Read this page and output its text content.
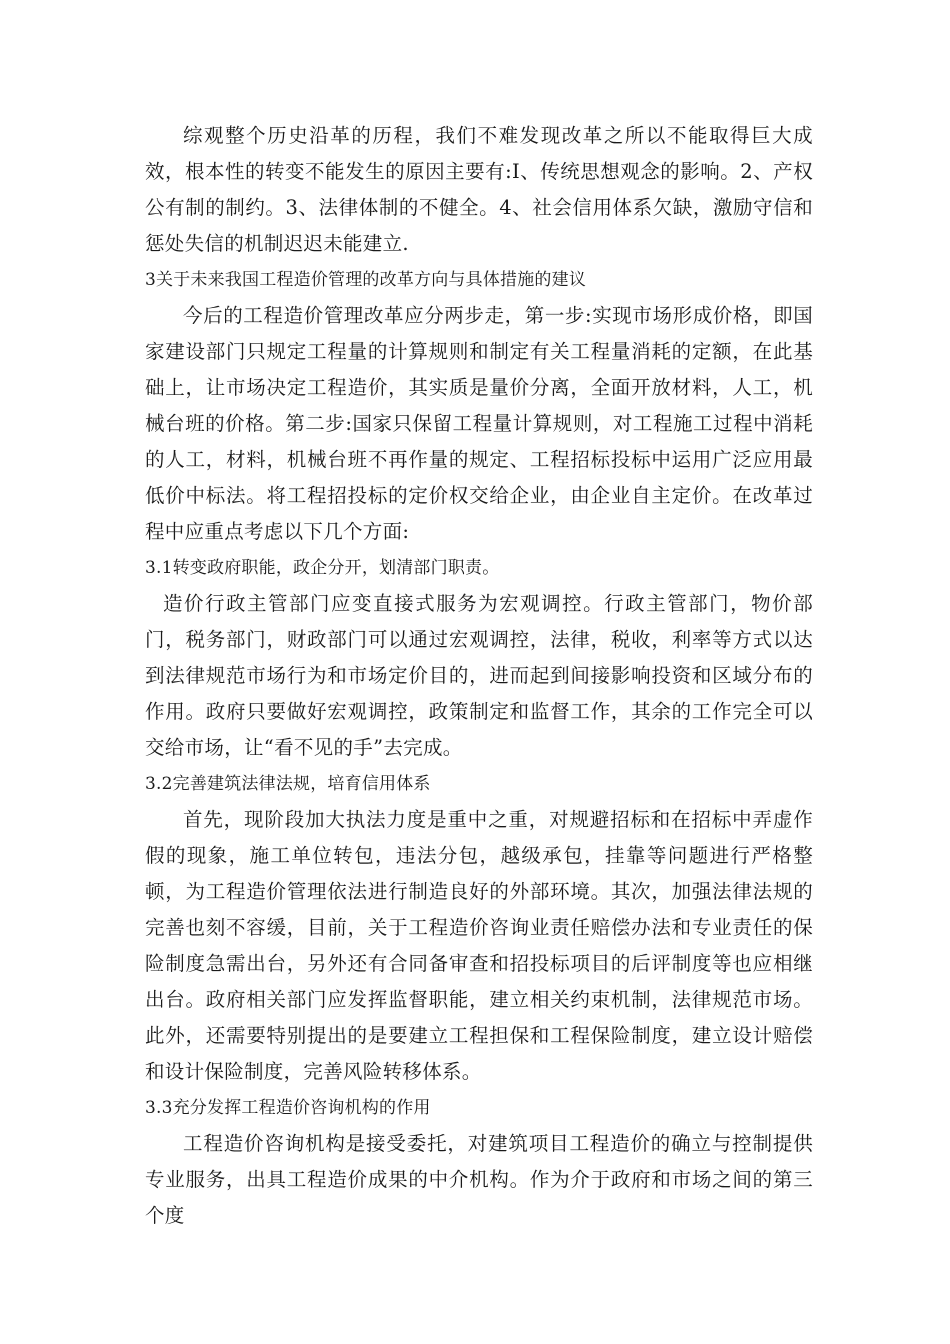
综观整个历史沿革的历程，我们不难发现改革之所以不能取得巨大成效，根本性的转变不能发生的原因主要有:I、传统思想观念的影响。2、产权公有制的制约。3、法律体制的不健全。4、社会信用体系欠缺，激励守信和惩处失信的机制迟迟未能建立.

3关于未来我国工程造价管理的改革方向与具体措施的建议

今后的工程造价管理改革应分两步走，第一步:实现市场形成价格，即国家建设部门只规定工程量的计算规则和制定有关工程量消耗的定额，在此基础上，让市场决定工程造价，其实质是量价分离，全面开放材料，人工，机械台班的价格。第二步:国家只保留工程量计算规则，对工程施工过程中消耗的人工，材料，机械台班不再作量的规定、工程招标投标中运用广泛应用最低价中标法。将工程招投标的定价权交给企业，由企业自主定价。在改革过程中应重点考虑以下几个方面:

3.1转变政府职能，政企分开，划清部门职责。

造价行政主管部门应变直接式服务为宏观调控。行政主管部门，物价部门，税务部门，财政部门可以通过宏观调控，法律，税收，利率等方式以达到法律规范市场行为和市场定价目的，进而起到间接影响投资和区域分布的作用。政府只要做好宏观调控，政策制定和监督工作，其余的工作完全可以交给市场，让“看不见的手”去完成。

3.2完善建筑法律法规，培育信用体系

首先，现阶段加大执法力度是重中之重，对规避招标和在招标中弄虚作假的现象，施工单位转包，违法分包，越级承包，挂靠等问题进行严格整顿，为工程造价管理依法进行制造良好的外部环境。其次，加强法律法规的完善也刻不容缓，目前，关于工程造价咨询业责任赔偿办法和专业责任的保险制度急需出台，另外还有合同备审查和招投标项目的后评制度等也应相继出台。政府相关部门应发挥监督职能，建立相关约束机制，法律规范市场。此外，还需要特别提出的是要建立工程担保和工程保险制度，建立设计赔偿和设计保险制度，完善风险转移体系。

3.3充分发挥工程造价咨询机构的作用

工程造价咨询机构是接受委托，对建筑项目工程造价的确立与控制提供专业服务，出具工程造价成果的中介机构。作为介于政府和市场之间的第三个度
